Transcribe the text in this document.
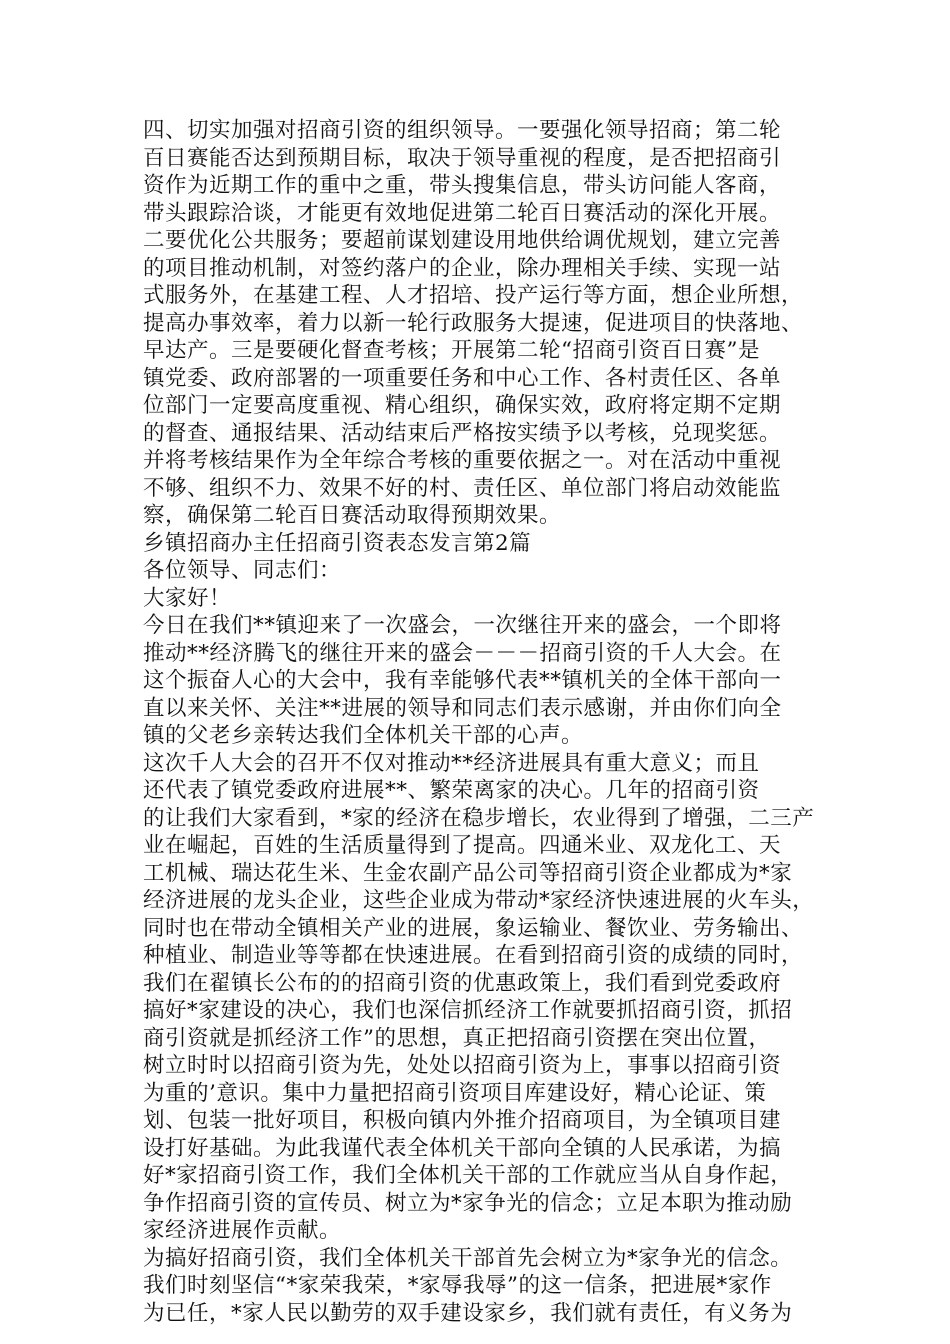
四、切实加强对招商引资的组织领导。一要强化领导招商；第二轮
百日赛能否达到预期目标，取决于领导重视的程度，是否把招商引
资作为近期工作的重中之重，带头搜集信息，带头访问能人客商，
带头跟踪洽谈，才能更有效地促进第二轮百日赛活动的深化开展。
二要优化公共服务；要超前谋划建设用地供给调优规划，建立完善
的项目推动机制，对签约落户的企业，除办理相关手续、实现一站
式服务外，在基建工程、人才招培、投产运行等方面，想企业所想，
提高办事效率，着力以新一轮行政服务大提速，促进项目的快落地、
早达产。三是要硬化督查考核；开展第二轮“招商引资百日赛”是
镇党委、政府部署的一项重要任务和中心工作、各村责任区、各单
位部门一定要高度重视、精心组织，确保实效，政府将定期不定期
的督查、通报结果、活动结束后严格按实绩予以考核，兑现奖惩。
并将考核结果作为全年综合考核的重要依据之一。对在活动中重视
不够、组织不力、效果不好的村、责任区、单位部门将启动效能监
察，确保第二轮百日赛活动取得预期效果。
乡镇招商办主任招商引资表态发言第2篇
各位领导、同志们：
大家好！
今日在我们**镇迎来了一次盛会，一次继往开来的盛会，一个即将
推动**经济腾飞的继往开来的盛会－－－招商引资的千人大会。在
这个振奋人心的大会中，我有幸能够代表**镇机关的全体干部向一
直以来关怀、关注**进展的领导和同志们表示感谢，并由你们向全
镇的父老乡亲转达我们全体机关干部的心声。
这次千人大会的召开不仅对推动**经济进展具有重大意义；而且
还代表了镇党委政府进展**、繁荣离家的决心。几年的招商引资
的让我们大家看到，*家的经济在稳步增长，农业得到了增强，二三产
业在崛起，百姓的生活质量得到了提高。四通米业、双龙化工、天
工机械、瑞达花生米、生金农副产品公司等招商引资企业都成为*家
经济进展的龙头企业，这些企业成为带动*家经济快速进展的火车头，
同时也在带动全镇相关产业的进展，象运输业、餐饮业、劳务输出、
种植业、制造业等等都在快速进展。在看到招商引资的成绩的同时，
我们在翟镇长公布的的招商引资的优惠政策上，我们看到党委政府
搞好*家建设的决心，我们也深信抓经济工作就要抓招商引资，抓招
商引资就是抓经济工作”的思想，真正把招商引资摆在突出位置，
树立时时以招商引资为先，处处以招商引资为上，事事以招商引资
为重的’意识。集中力量把招商引资项目库建设好，精心论证、策
划、包装一批好项目，积极向镇内外推介招商项目，为全镇项目建
设打好基础。为此我谨代表全体机关干部向全镇的人民承诺，为搞
好*家招商引资工作，我们全体机关干部的工作就应当从自身作起，
争作招商引资的宣传员、树立为*家争光的信念；立足本职为推动励
家经济进展作贡献。
为搞好招商引资，我们全体机关干部首先会树立为*家争光的信念。
我们时刻坚信“*家荣我荣，*家辱我辱”的这一信条，把进展*家作
为已任，*家人民以勤劳的双手建设家乡，我们就有责任，有义务为
